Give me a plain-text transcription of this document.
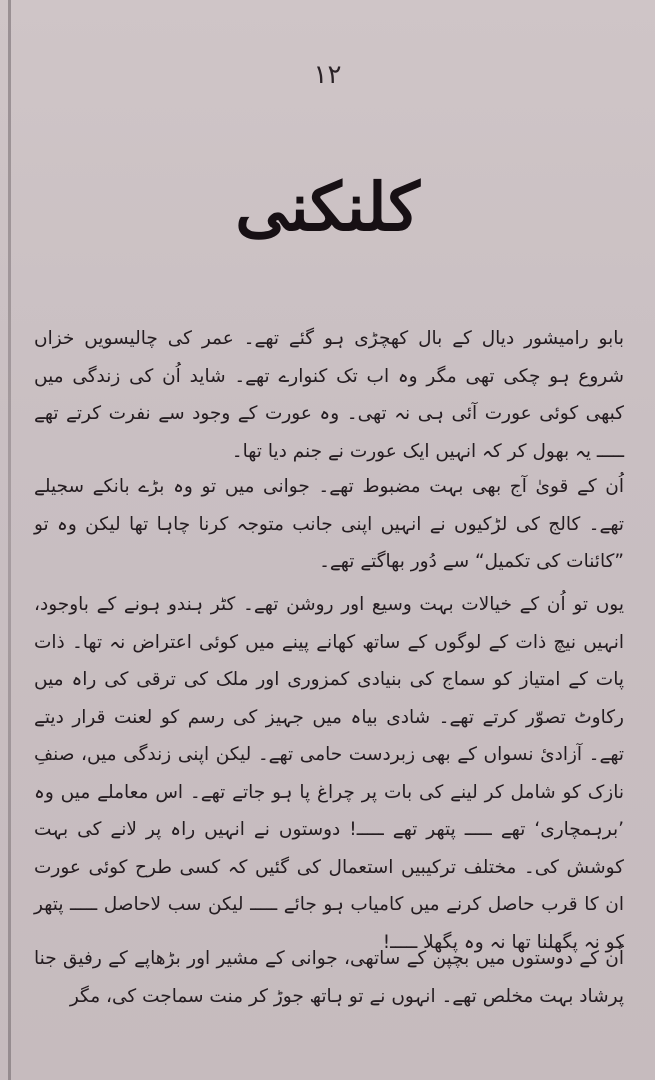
۱۲
کلنکنی

بابو رامیشور دیال کے بال کھچڑی ہو گئے تھے۔ عمر کی چالیسویں خزاں شروع ہو چکی تھی مگر وہ اب تک کنوارے تھے۔ شاید اُن کی زندگی میں کبھی کوئی عورت آئی ہی نہ تھی۔ وہ عورت کے وجود سے نفرت کرتے تھے ـــــ یہ بھول کر کہ انہیں ایک عورت نے جنم دیا تھا۔

اُن کے قویٰ آج بھی بہت مضبوط تھے۔ جوانی میں تو وہ بڑے بانکے سجیلے تھے۔ کالج کی لڑکیوں نے انہیں اپنی جانب متوجہ کرنا چاہا تھا لیکن وہ تو ”کائنات کی تکمیل“ سے دُور بھاگتے تھے۔

یوں تو اُن کے خیالات بہت وسیع اور روشن تھے۔ کٹر ہندو ہونے کے باوجود، انہیں نیچ ذات کے لوگوں کے ساتھ کھانے پینے میں کوئی اعتراض نہ تھا۔ ذات پات کے امتیاز کو سماج کی بنیادی کمزوری اور ملک کی ترقی کی راہ میں رکاوٹ تصوّر کرتے تھے۔ شادی بیاہ میں جہیز کی رسم کو لعنت قرار دیتے تھے۔ آزادیٔ نسواں کے بھی زبردست حامی تھے۔ لیکن اپنی زندگی میں، صنفِ نازک کو شامل کر لینے کی بات پر چراغ پا ہو جاتے تھے۔ اس معاملے میں وہ ’برہمچاری‘ تھے ـــــ پتھر تھے ـــــ! دوستوں نے انہیں راہ پر لانے کی بہت کوشش کی۔ مختلف ترکیبیں استعمال کی گئیں کہ کسی طرح کوئی عورت ان کا قرب حاصل کرنے میں کامیاب ہو جائے ـــــ لیکن سب لاحاصل ـــــ پتھر کو نہ پگھلنا تھا نہ وہ پگھلا ـــــ!

اُن کے دوستوں میں بچپن کے ساتھی، جوانی کے مشیر اور بڑھاپے کے رفیق جنا پرشاد بہت مخلص تھے۔ انہوں نے تو ہاتھ جوڑ کر منت سماجت کی، مگر
